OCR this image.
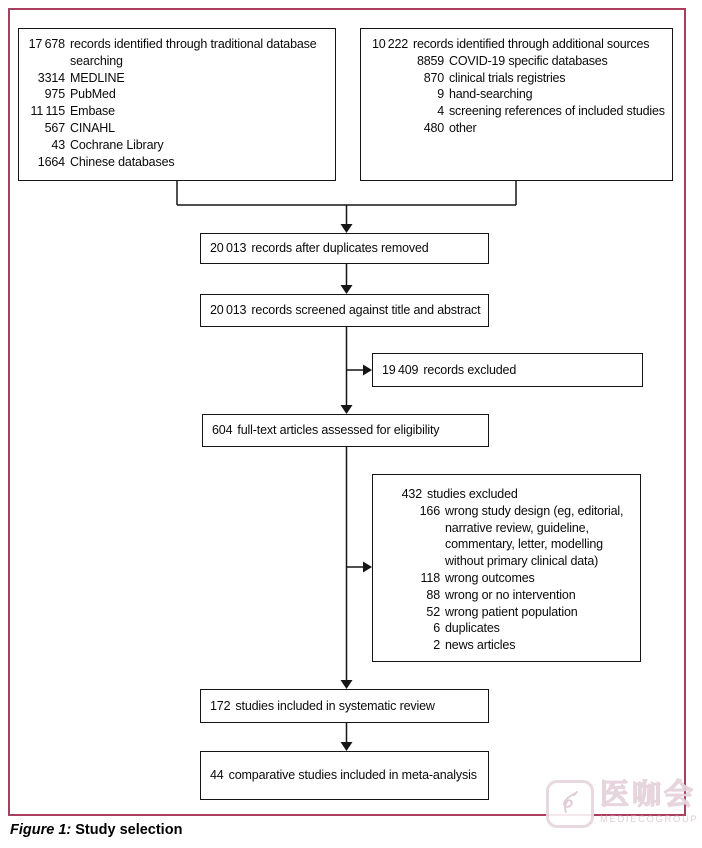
17 678 records identified through traditional database searching
3314 MEDLINE
975 PubMed
11 115 Embase
567 CINAHL
43 Cochrane Library
1664 Chinese databases
10 222 records identified through additional sources
8859 COVID-19 specific databases
870 clinical trials registries
9 hand-searching
4 screening references of included studies
480 other
20 013 records after duplicates removed
20 013 records screened against title and abstract
19 409 records excluded
604 full-text articles assessed for eligibility
432 studies excluded
166 wrong study design (eg, editorial, narrative review, guideline, commentary, letter, modelling without primary clinical data)
118 wrong outcomes
88 wrong or no intervention
52 wrong patient population
6 duplicates
2 news articles
172 studies included in systematic review
44 comparative studies included in meta-analysis
Figure 1: Study selection
医咖会
MEDIECOGROUP
